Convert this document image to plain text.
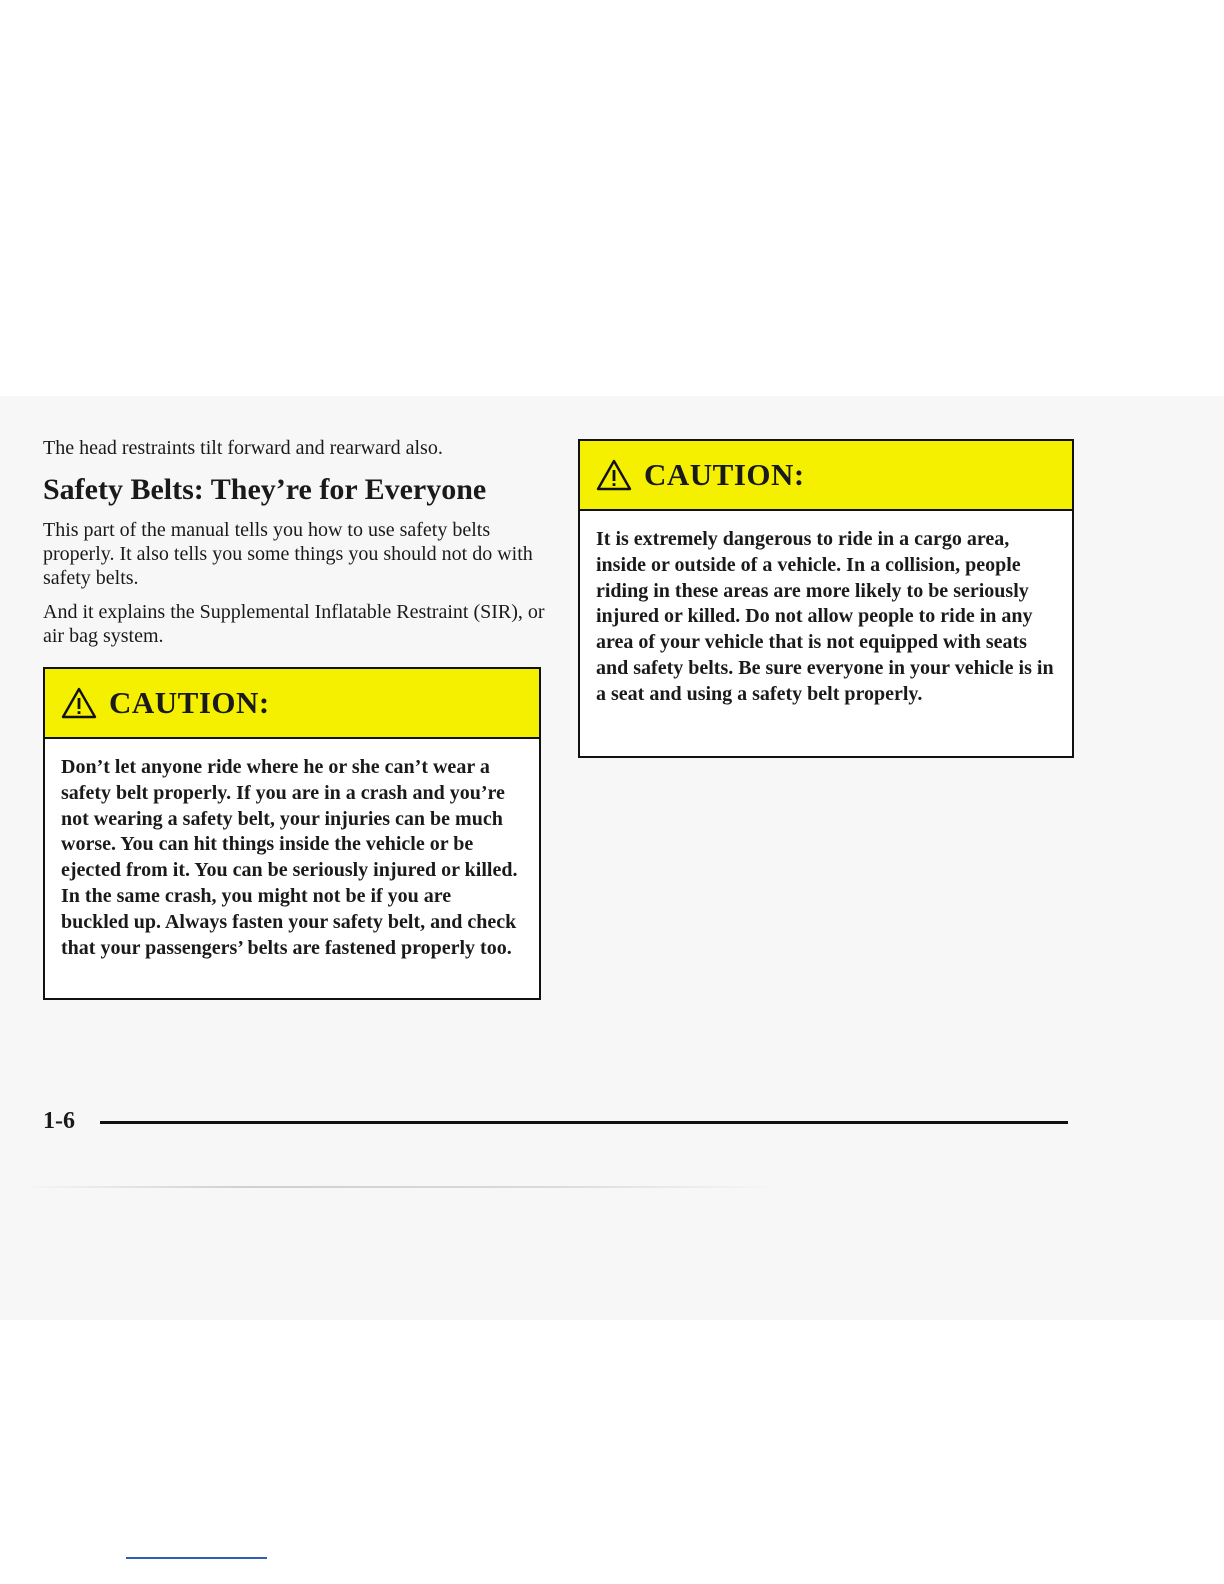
The head restraints tilt forward and rearward also.

Safety Belts: They’re for Everyone

This part of the manual tells you how to use safety belts properly. It also tells you some things you should not do with safety belts.

And it explains the Supplemental Inflatable Restraint (SIR), or air bag system.

CAUTION:
Don’t let anyone ride where he or she can’t wear a safety belt properly. If you are in a crash and you’re not wearing a safety belt, your injuries can be much worse. You can hit things inside the vehicle or be ejected from it. You can be seriously injured or killed. In the same crash, you might not be if you are buckled up. Always fasten your safety belt, and check that your passengers’ belts are fastened properly too.
CAUTION:
It is extremely dangerous to ride in a cargo area, inside or outside of a vehicle. In a collision, people riding in these areas are more likely to be seriously injured or killed. Do not allow people to ride in any area of your vehicle that is not equipped with seats and safety belts. Be sure everyone in your vehicle is in a seat and using a safety belt properly.
1-6
